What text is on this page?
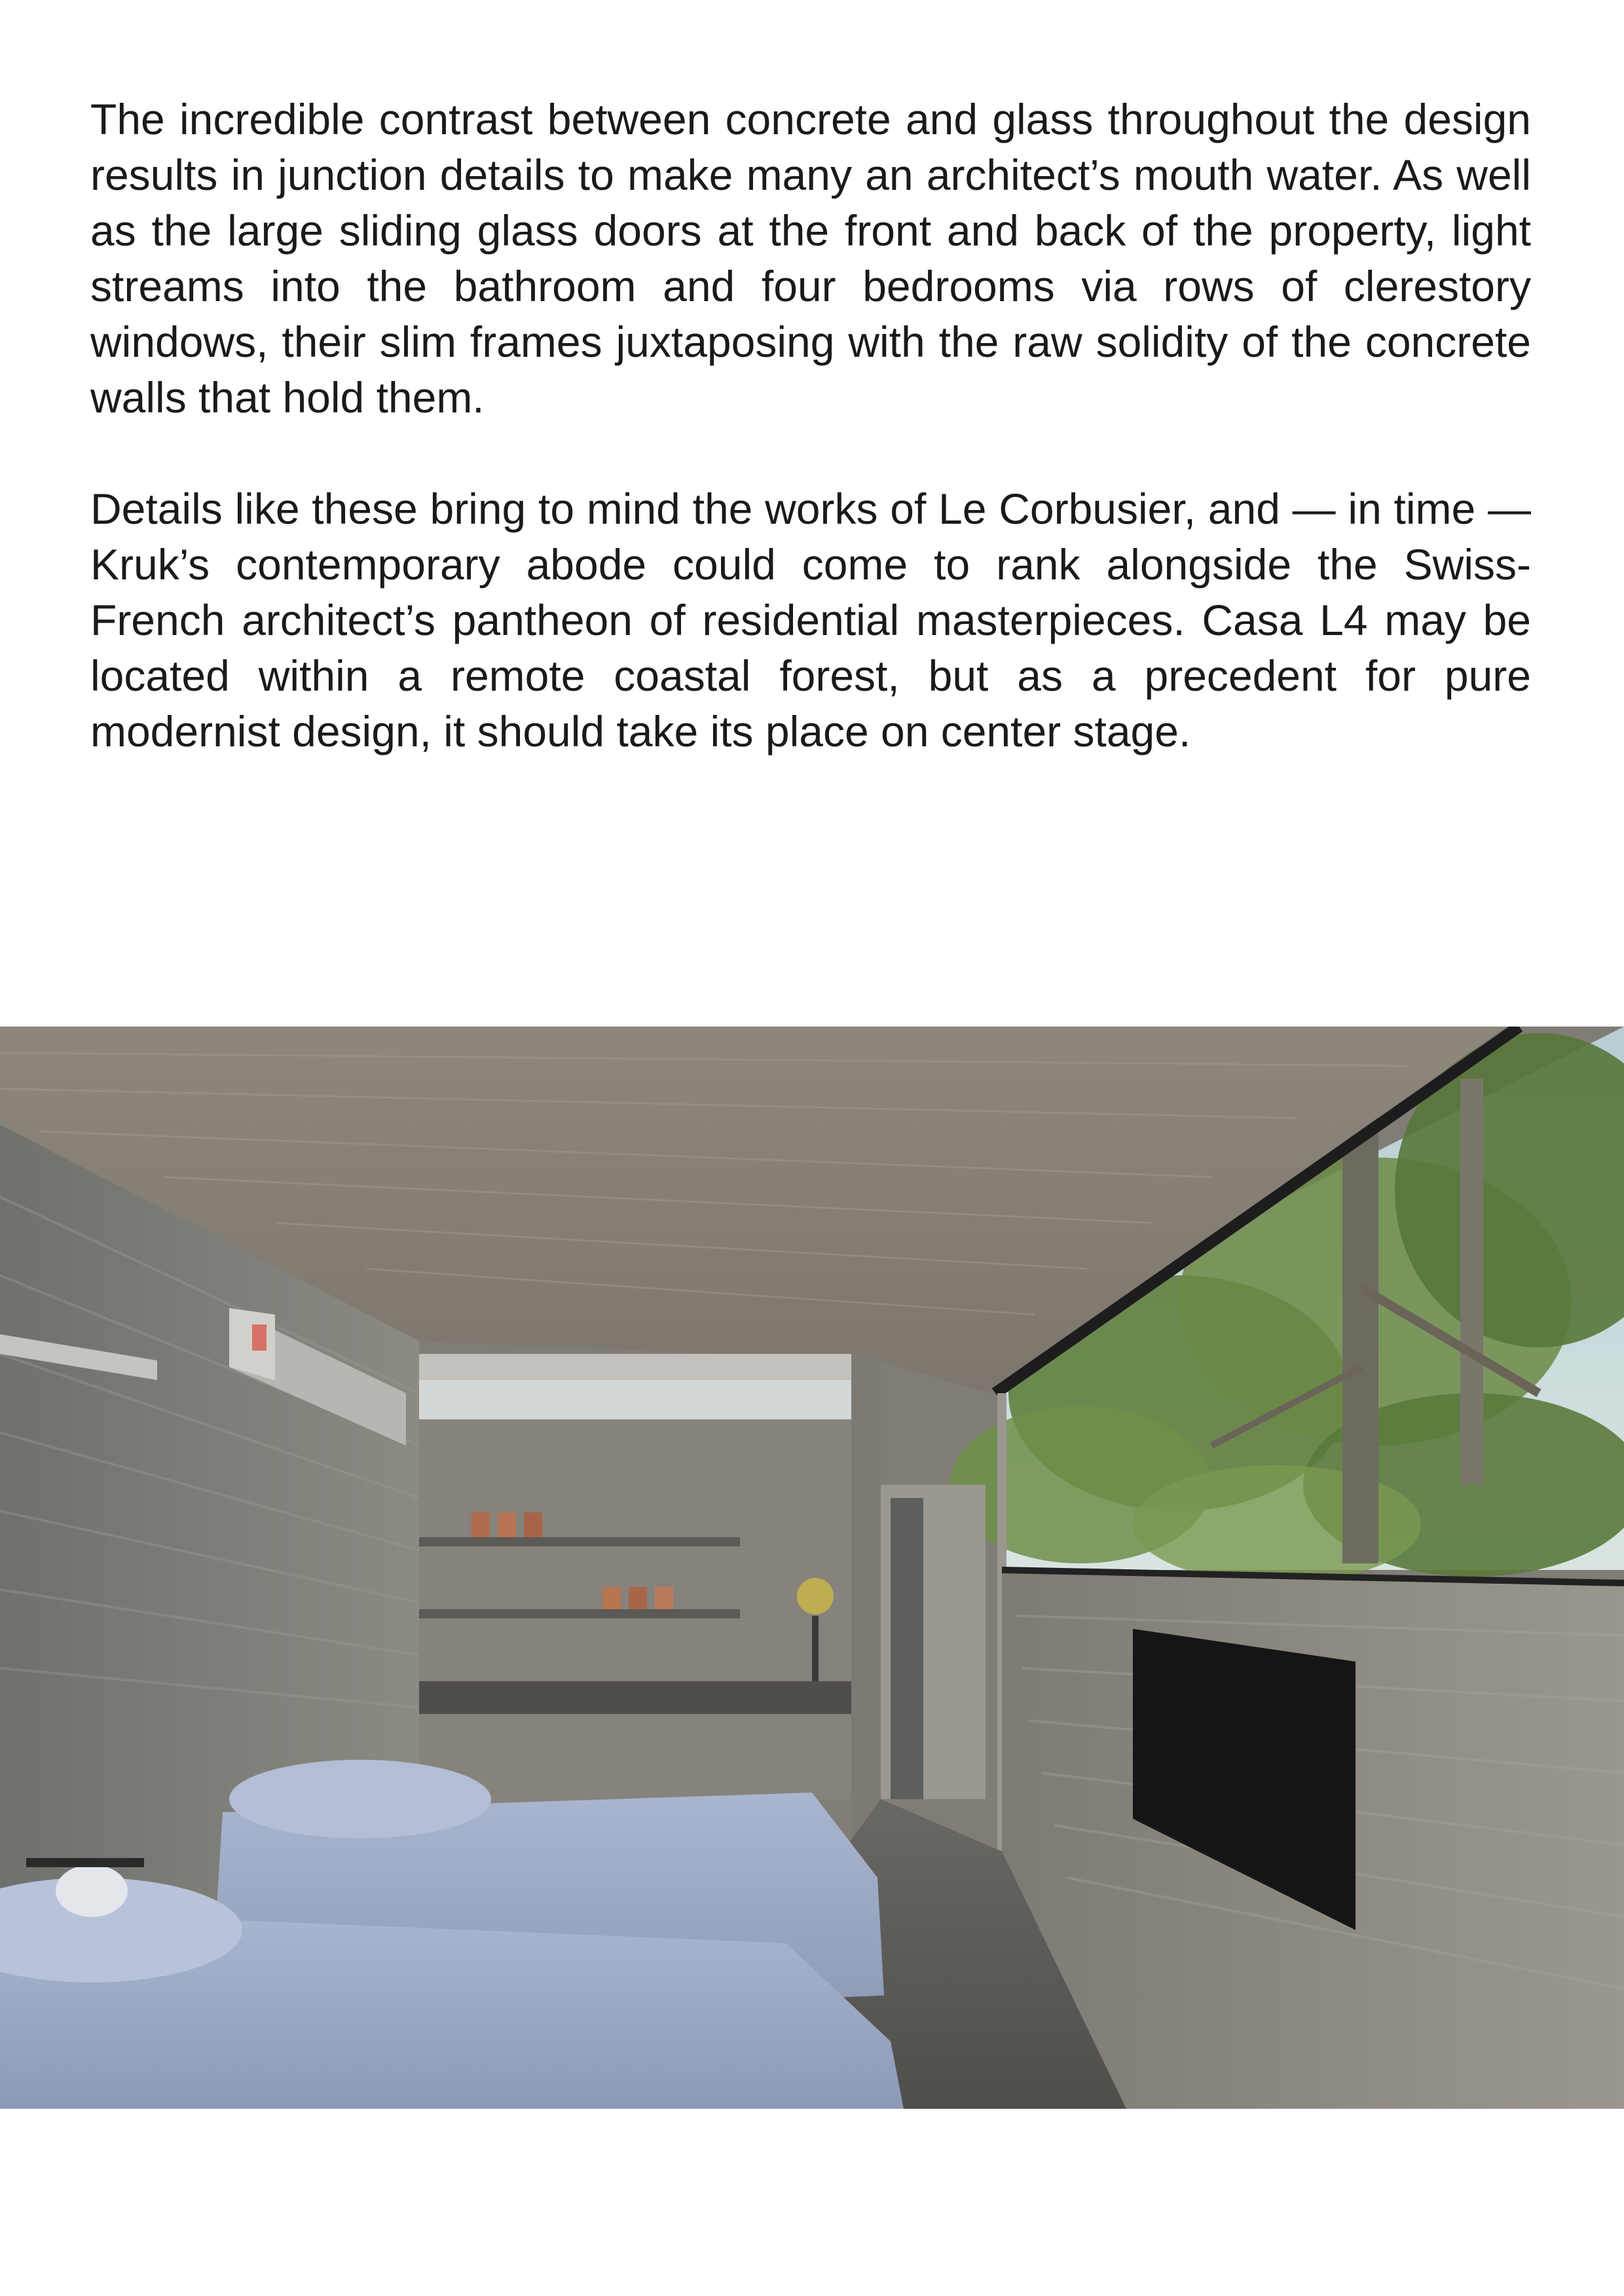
The incredible contrast between concrete and glass throughout the design results in junction details to make many an architect’s mouth water. As well as the large sliding glass doors at the front and back of the property, light streams into the bathroom and four bedrooms via rows of clerestory windows, their slim frames juxtaposing with the raw solidity of the concrete walls that hold them.

Details like these bring to mind the works of Le Corbusier, and — in time — Kruk’s contemporary abode could come to rank alongside the Swiss-French architect’s pantheon of residential masterpieces. Casa L4 may be located within a remote coastal forest, but as a precedent for pure modernist design, it should take its place on center stage.
